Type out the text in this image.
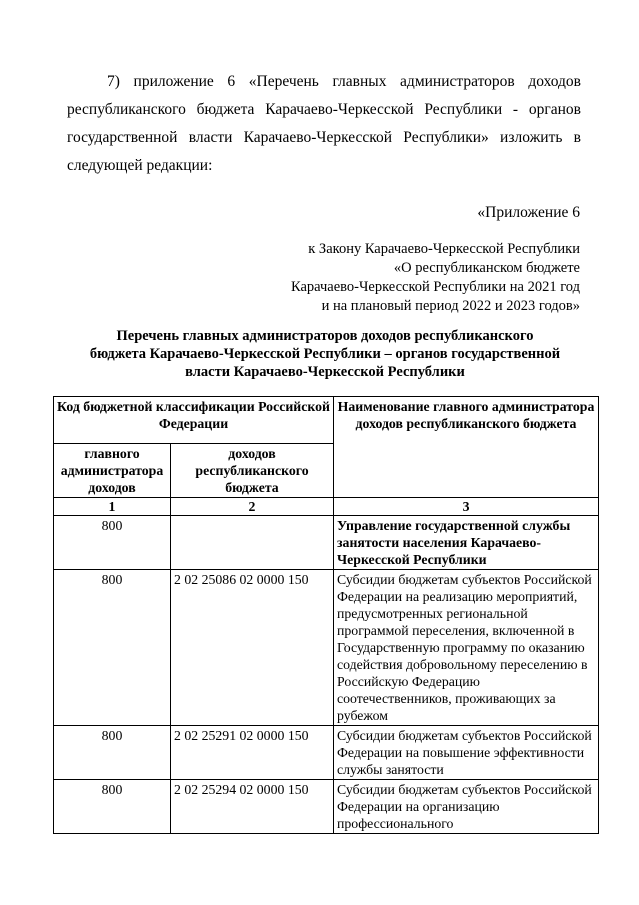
7) приложение 6 «Перечень главных администраторов доходов
республиканского бюджета Карачаево-Черкесской Республики - органов
государственной власти Карачаево-Черкесской Республики» изложить в
следующей редакции:
«Приложение 6
к Закону Карачаево-Черкесской Республики
«О республиканском бюджете
Карачаево-Черкесской Республики на 2021 год
и на плановый период 2022 и 2023 годов»
Перечень главных администраторов доходов республиканского
бюджета Карачаево-Черкесской Республики – органов государственной
власти Карачаево-Черкесской Республики
Код бюджетной классификации Российской Федерации		Наименование главного администратора доходов республиканского бюджета
главного администратора доходов	доходов республиканского бюджета	
1	2	3
800		Управление государственной службы занятости населения Карачаево-Черкесской Республики
800	2 02 25086 02 0000 150	Субсидии бюджетам субъектов Российской Федерации на реализацию мероприятий, предусмотренных региональной программой переселения, включенной в Государственную программу по оказанию содействия добровольному переселению в Российскую Федерацию соотечественников, проживающих за рубежом
800	2 02 25291 02 0000 150	Субсидии бюджетам субъектов Российской Федерации на повышение эффективности службы занятости
800	2 02 25294 02 0000 150	Субсидии бюджетам субъектов Российской Федерации на организацию профессионального
